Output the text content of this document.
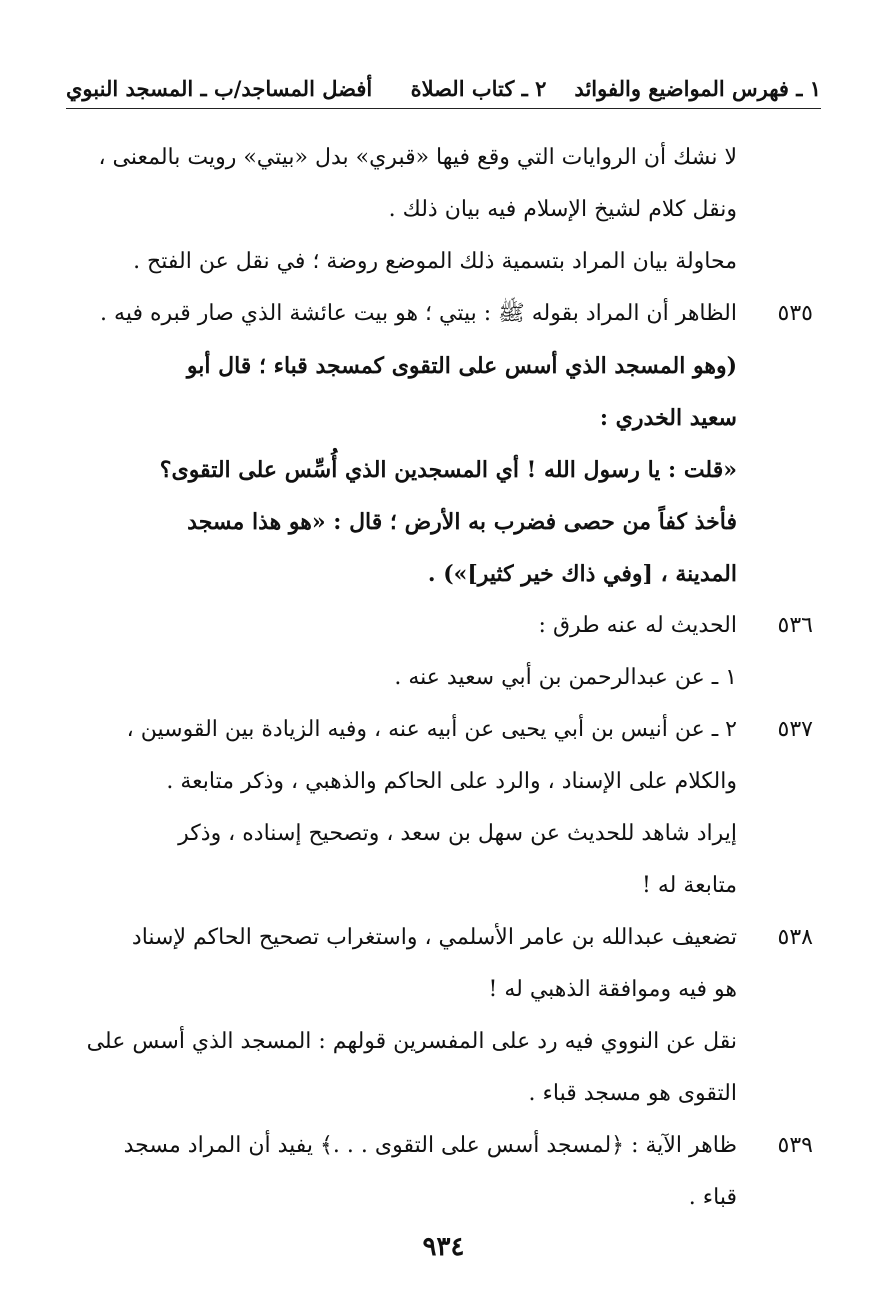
١ ـ فهرس المواضيع والفوائد
٢ ـ كتاب الصلاة
أفضل المساجد/ب ـ المسجد النبوي
لا نشك أن الروايات التي وقع فيها «قبري» بدل «بيتي» رويت بالمعنى ،
ونقل كلام لشيخ الإسلام فيه بيان ذلك .
محاولة بيان المراد بتسمية ذلك الموضع روضة ؛ في نقل عن الفتح .
٥٣٥
الظاهر أن المراد بقوله ﷺ : بيتي ؛ هو بيت عائشة الذي صار قبره فيه .
(وهو المسجد الذي أسس على التقوى كمسجد قباء ؛ قال أبو
سعيد الخدري :
«قلت : يا رسول الله ! أي المسجدين الذي أُسِّس على التقوى؟
فأخذ كفاً من حصى فضرب به الأرض ؛ قال : «هو هذا مسجد
المدينة ، [وفي ذاك خير كثير]») .
٥٣٦
الحديث له عنه طرق :
١ ـ عن عبدالرحمن بن أبي سعيد عنه .
٥٣٧
٢ ـ عن أنيس بن أبي يحيى عن أبيه عنه ، وفيه الزيادة بين القوسين ،
والكلام على الإسناد ، والرد على الحاكم والذهبي ، وذكر متابعة .
إيراد شاهد للحديث عن سهل بن سعد ، وتصحيح إسناده ، وذكر
متابعة له !
٥٣٨
تضعيف عبدالله بن عامر الأسلمي ، واستغراب تصحيح الحاكم لإسناد
هو فيه وموافقة الذهبي له !
نقل عن النووي فيه رد على المفسرين قولهم : المسجد الذي أسس على
التقوى هو مسجد قباء .
٥٣٩
ظاهر الآية : ﴿لمسجد أسس على التقوى . . .﴾ يفيد أن المراد مسجد
قباء .
٩٣٤
